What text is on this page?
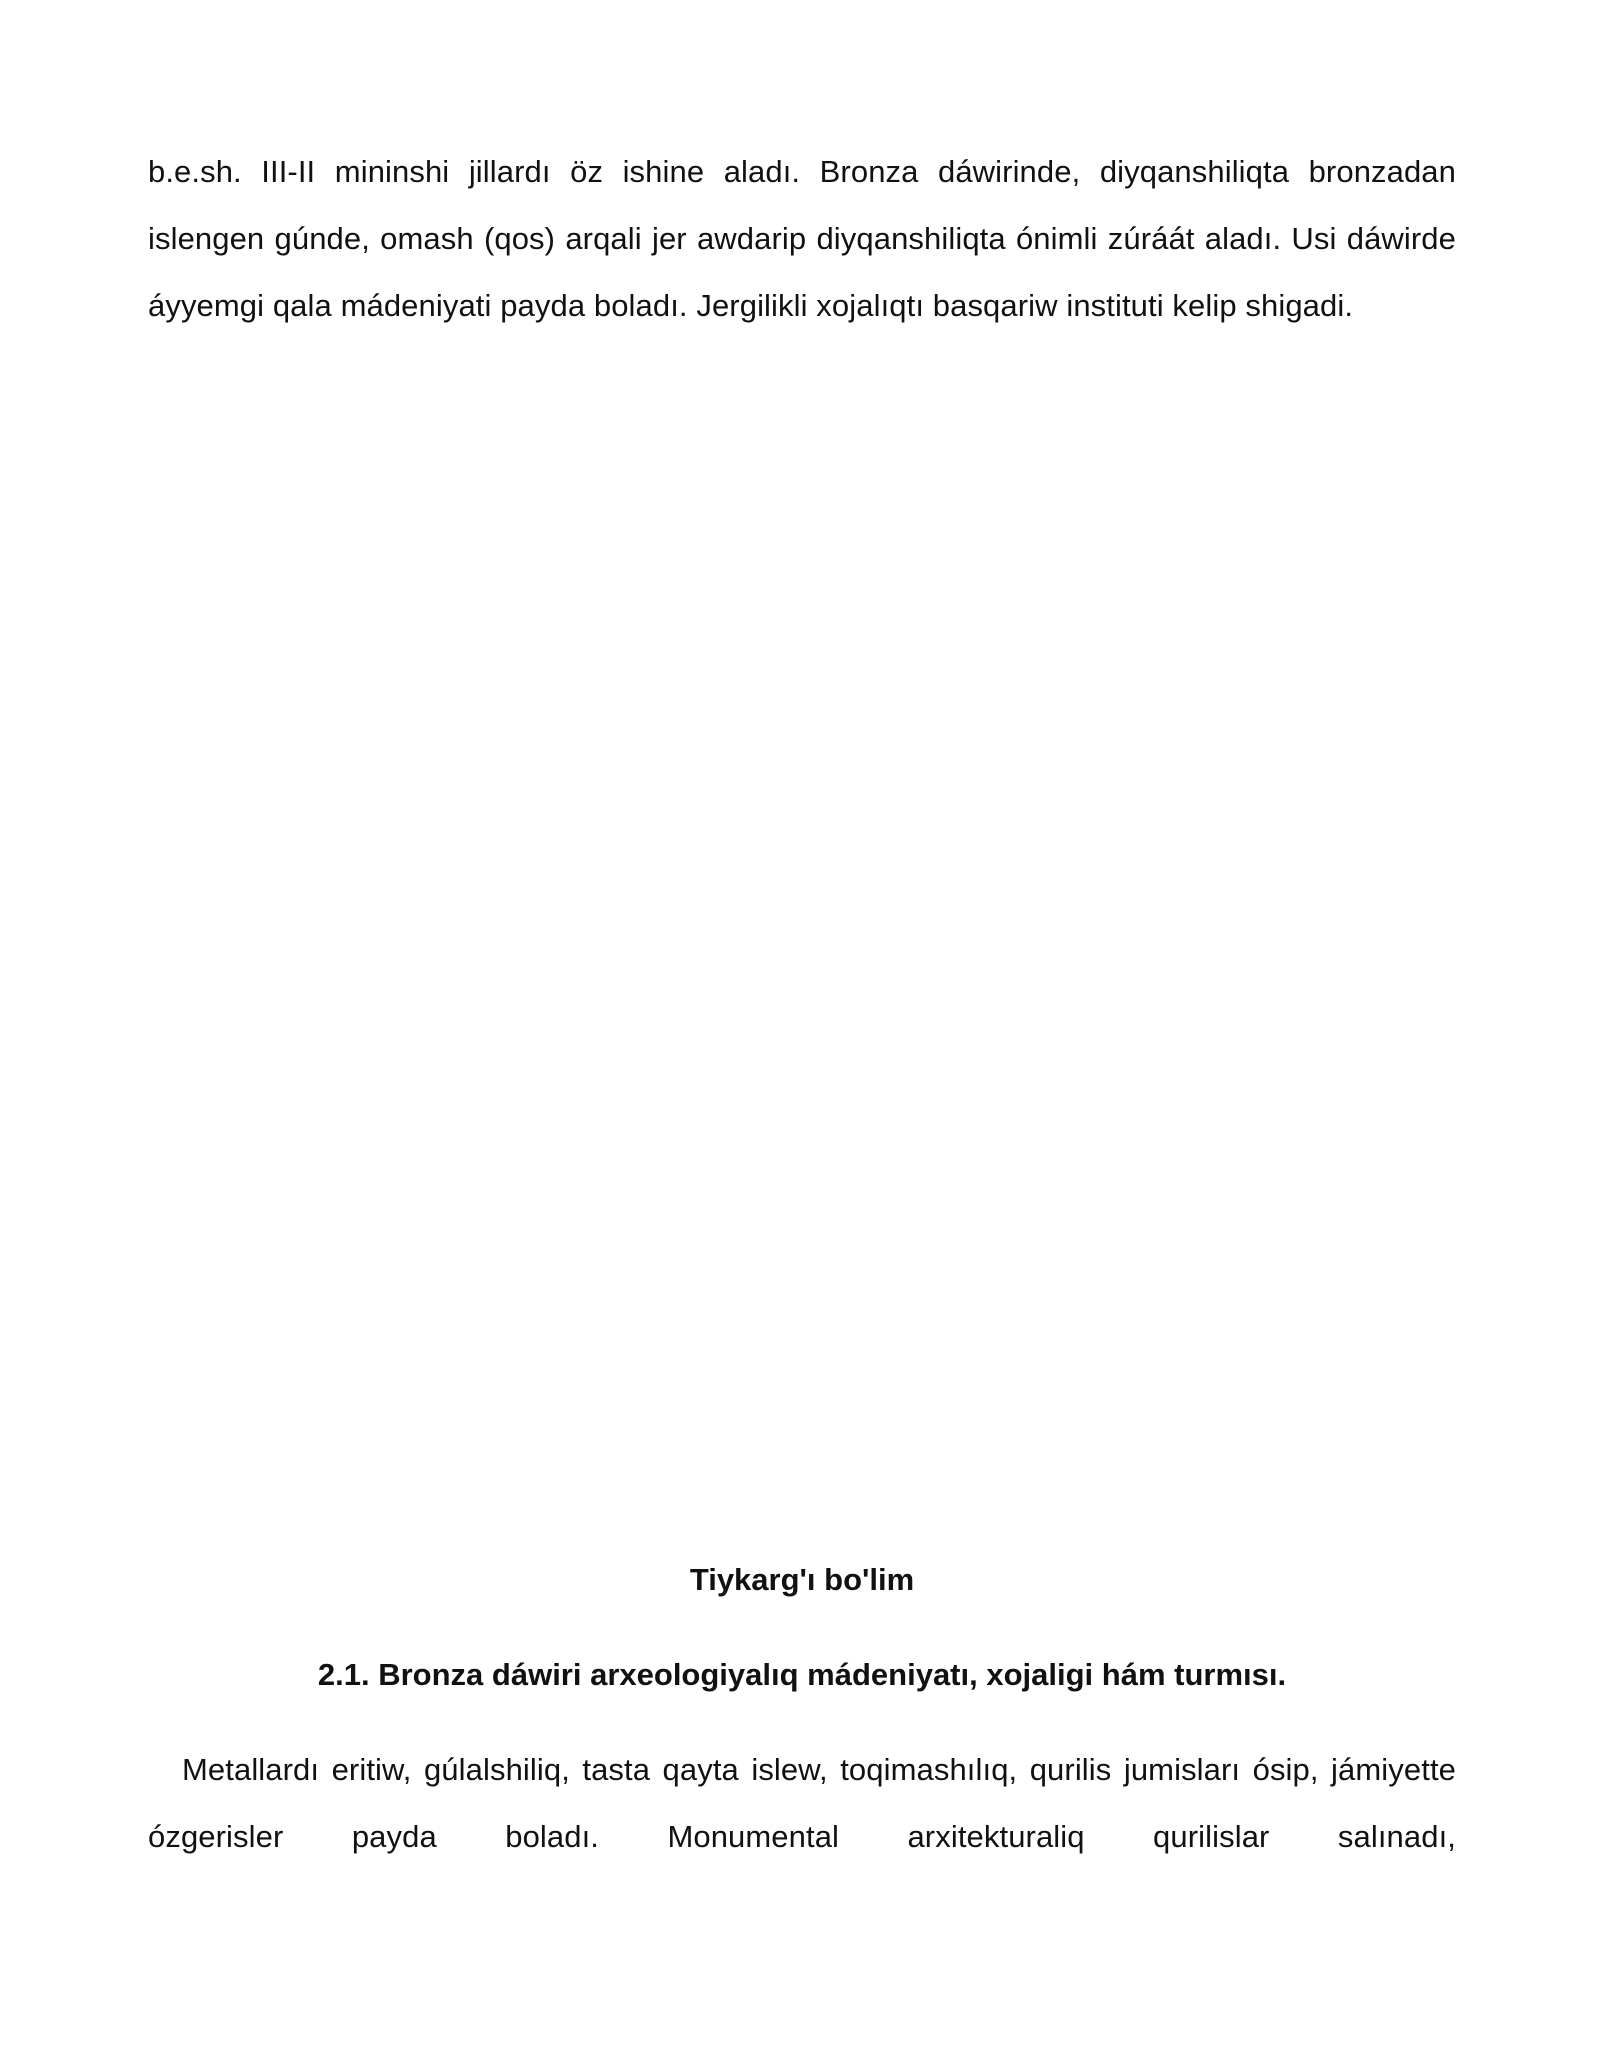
b.e.sh. III-II mininshi jillardı öz ishine aladı. Bronza dáwirinde, diyqanshiliqta bronzadan islengen gúnde, omash (qos) arqali jer awdarip diyqanshiliqta ónimli zúráát aladı. Usi dáwirde áyyemgi qala mádeniyati payda boladı. Jergilikli xojalıqtı basqariw instituti kelip shigadi.

Tiykarg'ı bo'lim
2.1. Bronza dáwiri arxeologiyalıq mádeniyatı, xojaligi hám turmısı.

Metallardı eritiw, gúlalshiliq, tasta qayta islew, toqimashılıq, qurilis jumisları ósip, jámiyette ózgerisler payda boladı. Monumental arxitekturaliq qurilislar salınadı,
